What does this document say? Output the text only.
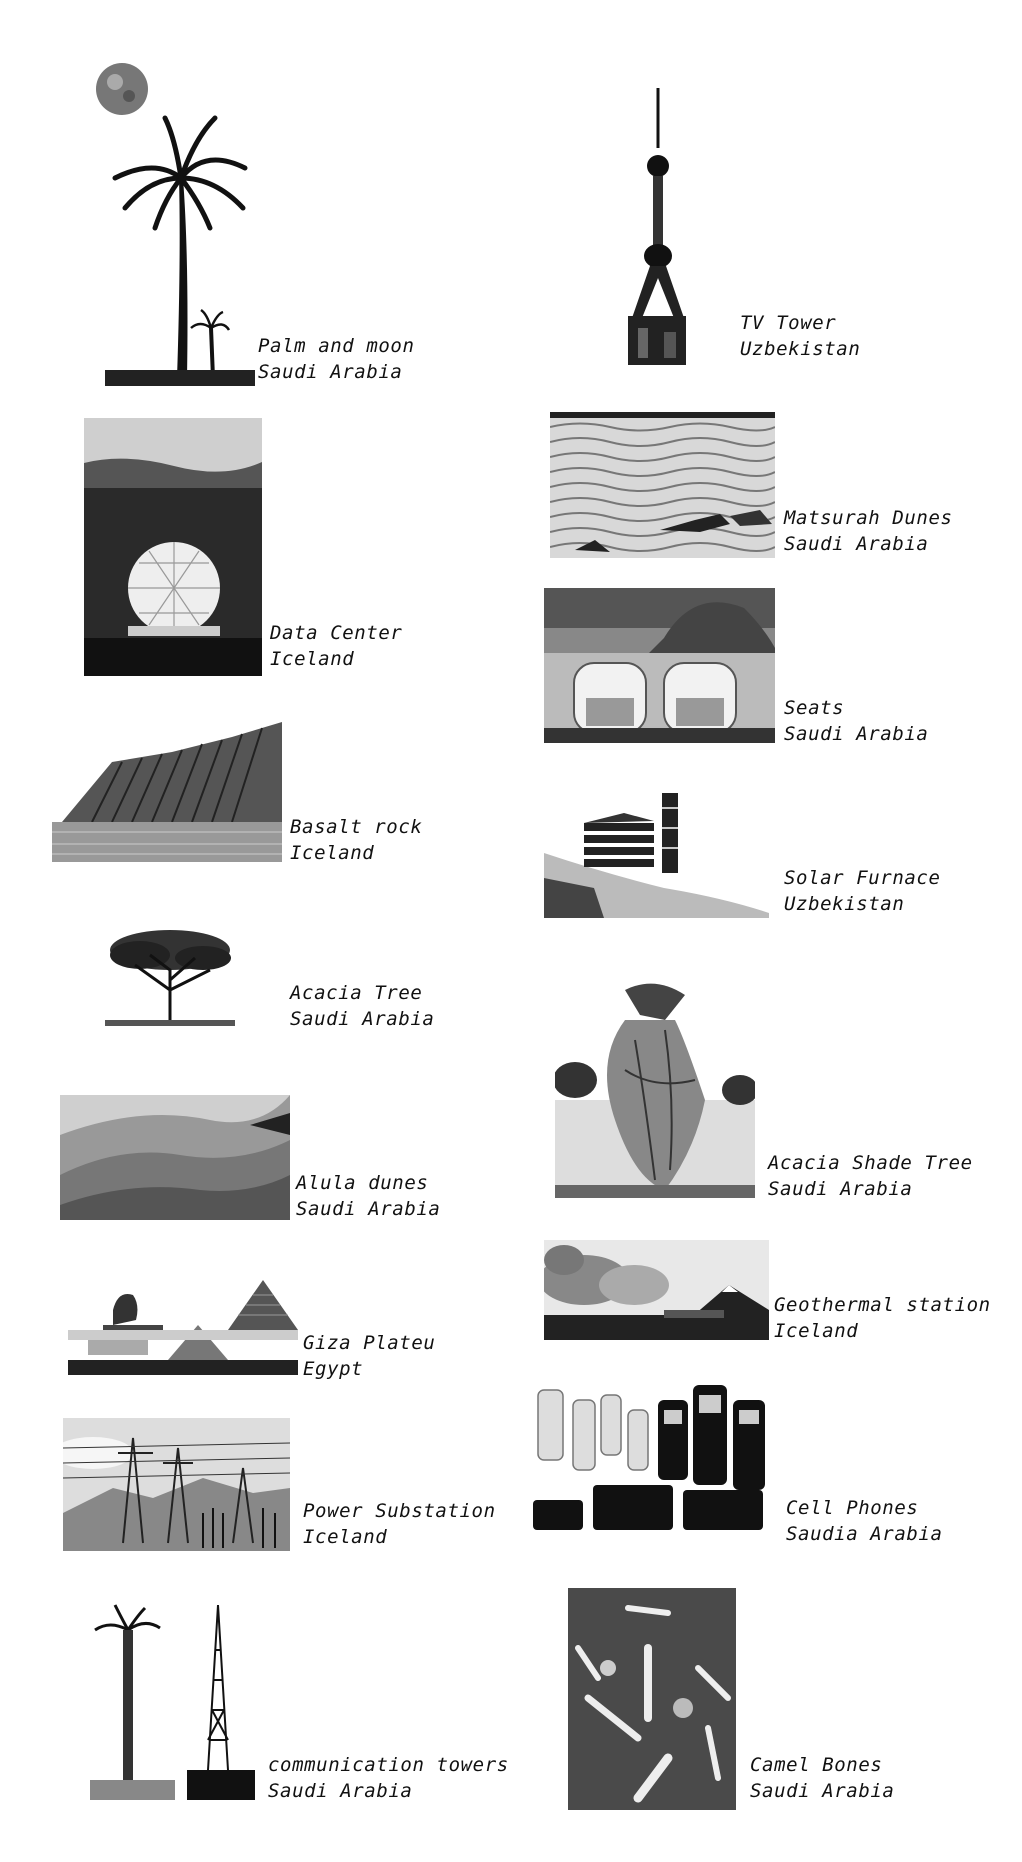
Palm and moon
Saudi Arabia
TV Tower
Uzbekistan
Data Center
Iceland
Matsurah Dunes
Saudi Arabia
Seats
Saudi Arabia
Basalt rock
Iceland
Solar Furnace
Uzbekistan
Acacia Tree
Saudi Arabia
Acacia Shade Tree
Saudi Arabia
Alula dunes
Saudi Arabia
Geothermal station
Iceland
Giza Plateu
Egypt
Cell Phones
Saudia Arabia
Power Substation
Iceland
communication towers
Saudi Arabia
Camel Bones
Saudi Arabia
